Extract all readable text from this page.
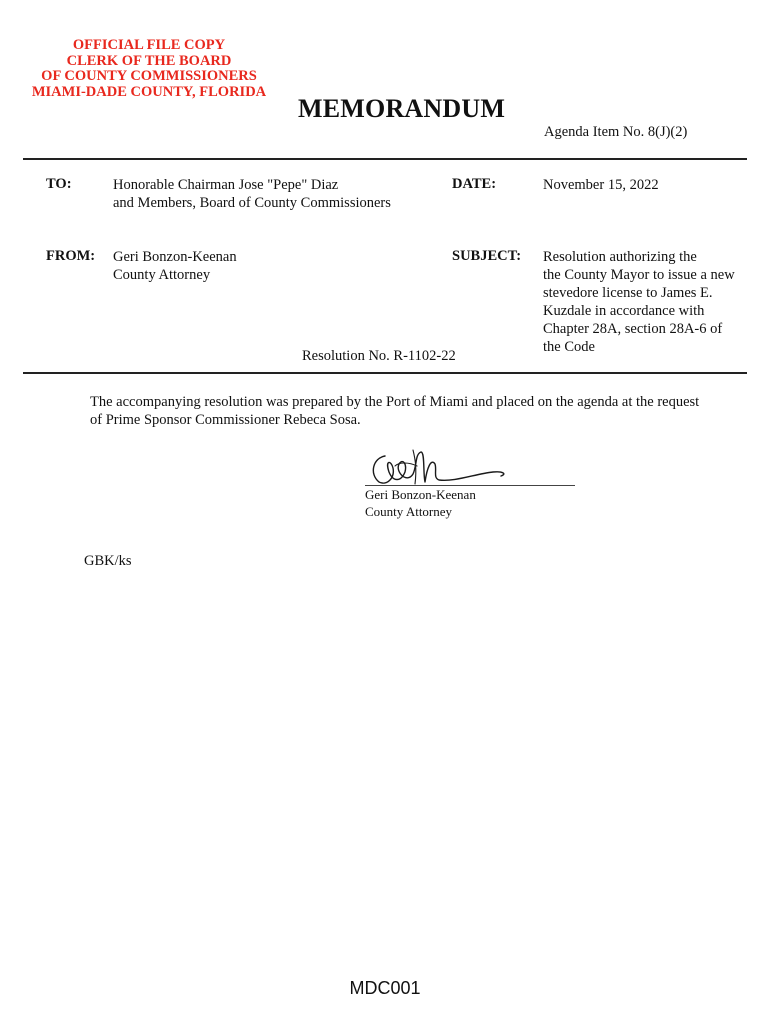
OFFICIAL FILE COPY
CLERK OF THE BOARD
OF COUNTY COMMISSIONERS
MIAMI-DADE COUNTY, FLORIDA
MEMORANDUM
Agenda Item No. 8(J)(2)
TO:	Honorable Chairman Jose "Pepe" Diaz
and Members, Board of County Commissioners
DATE:	November 15, 2022
FROM: Geri Bonzon-Keenan
County Attorney
SUBJECT: Resolution authorizing the
the County Mayor to issue a new
stevedore license to James E.
Kuzdale in accordance with
Chapter 28A, section 28A-6 of
the Code
Resolution No. R-1102-22
The accompanying resolution was prepared by the Port of Miami and placed on the agenda at the request of Prime Sponsor Commissioner Rebeca Sosa.
Geri Bonzon-Keenan
County Attorney
GBK/ks
MDC001
